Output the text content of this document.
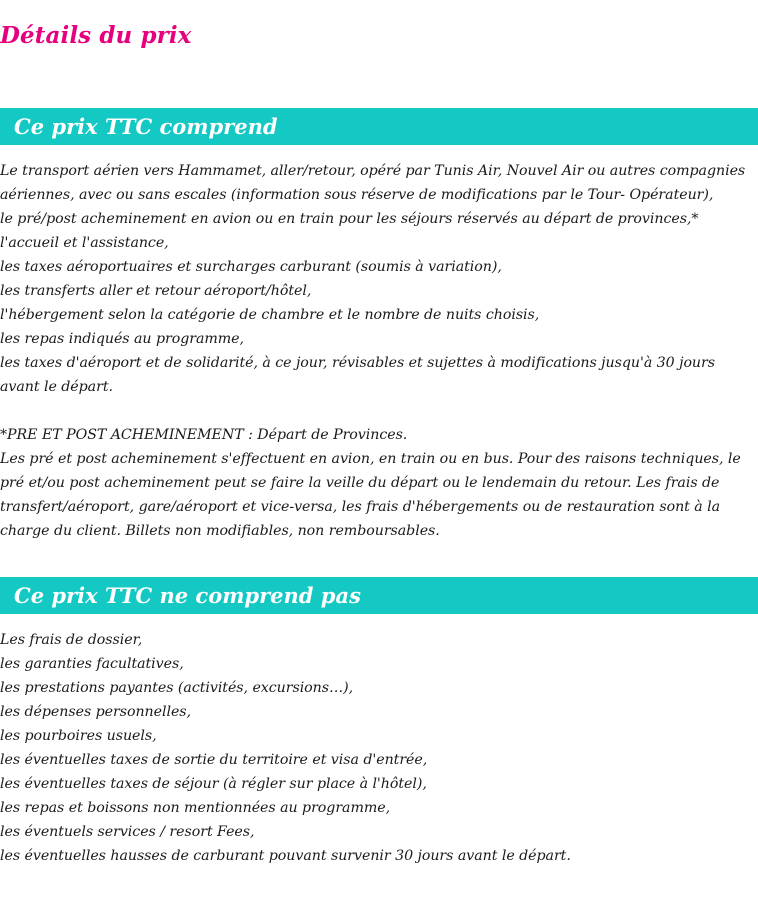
Détails du prix
Ce prix TTC comprend

Le transport aérien vers Hammamet, aller/retour, opéré par Tunis Air, Nouvel Air ou autres compagnies aériennes, avec ou sans escales (information sous réserve de modifications par le Tour- Opérateur),

le pré/post acheminement en avion ou en train pour les séjours réservés au départ de provinces,*

l'accueil et l'assistance,

les taxes aéroportuaires et surcharges carburant (soumis à variation),

les transferts aller et retour aéroport/hôtel,

l'hébergement selon la catégorie de chambre et le nombre de nuits choisis,

les repas indiqués au programme,

les taxes d'aéroport et de solidarité, à ce jour, révisables et sujettes à modifications jusqu'à 30 jours avant le départ.

*PRE ET POST ACHEMINEMENT : Départ de Provinces.

Les pré et post acheminement s'effectuent en avion, en train ou en bus. Pour des raisons techniques, le pré et/ou post acheminement peut se faire la veille du départ ou le lendemain du retour. Les frais de transfert/aéroport, gare/aéroport et vice-versa, les frais d'hébergements ou de restauration sont à la charge du client. Billets non modifiables, non remboursables.

Ce prix TTC ne comprend pas

Les frais de dossier,

les garanties facultatives,

les prestations payantes (activités, excursions…),

les dépenses personnelles,

les pourboires usuels,

les éventuelles taxes de sortie du territoire et visa d'entrée,

les éventuelles taxes de séjour (à régler sur place à l'hôtel),

les repas et boissons non mentionnées au programme,

les éventuels services / resort Fees,

les éventuelles hausses de carburant pouvant survenir 30 jours avant le départ.
